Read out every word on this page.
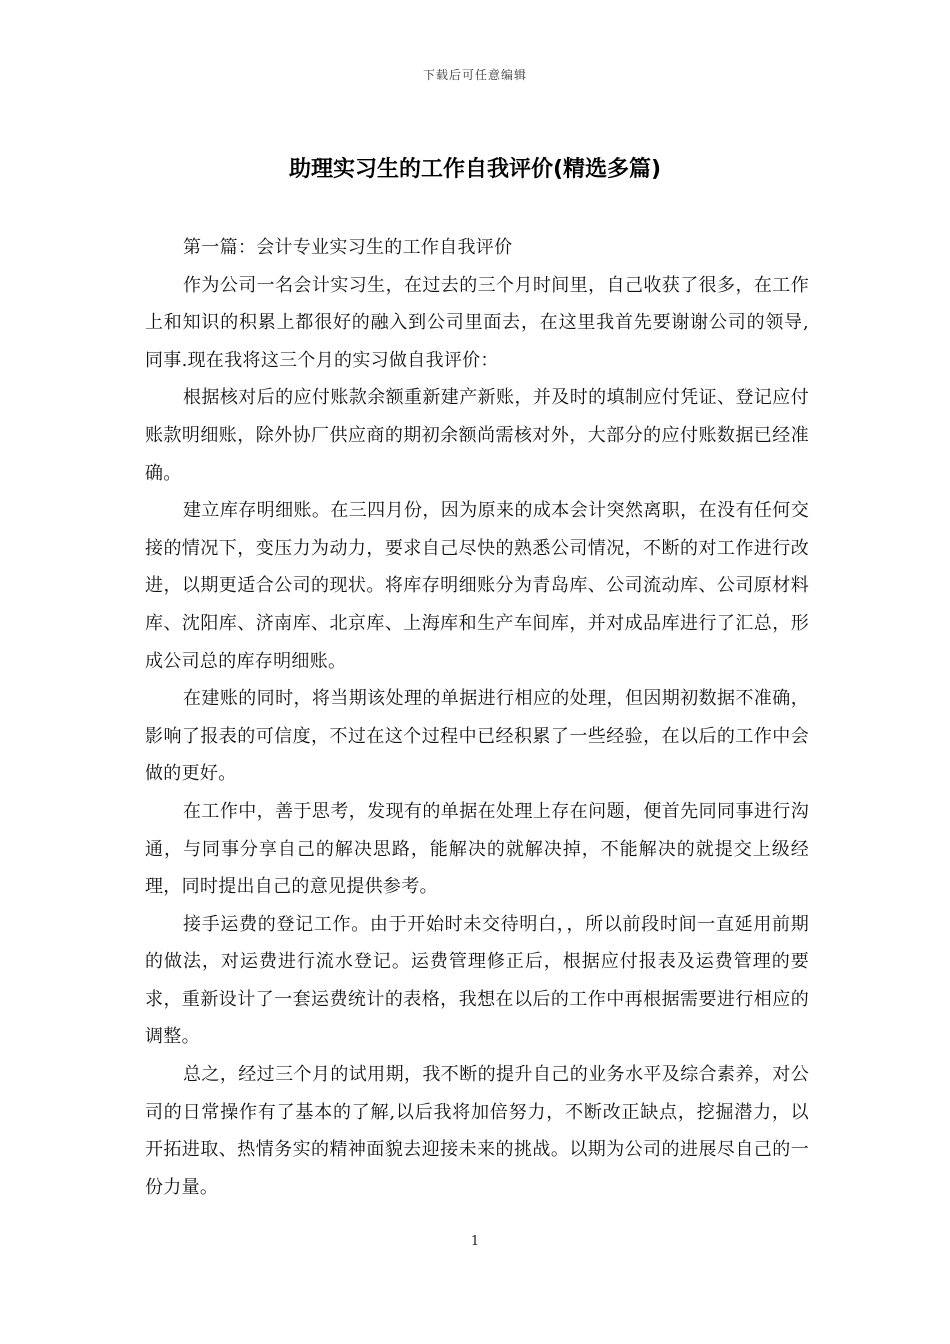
下载后可任意编辑
助理实习生的工作自我评价(精选多篇)

第一篇：会计专业实习生的工作自我评价

作为公司一名会计实习生，在过去的三个月时间里，自己收获了很多，在工作上和知识的积累上都很好的融入到公司里面去，在这里我首先要谢谢公司的领导,同事.现在我将这三个月的实习做自我评价：

根据核对后的应付账款余额重新建产新账，并及时的填制应付凭证、登记应付账款明细账，除外协厂供应商的期初余额尚需核对外，大部分的应付账数据已经准确。

建立库存明细账。在三四月份，因为原来的成本会计突然离职，在没有任何交接的情况下，变压力为动力，要求自己尽快的熟悉公司情况，不断的对工作进行改进，以期更适合公司的现状。将库存明细账分为青岛库、公司流动库、公司原材料库、沈阳库、济南库、北京库、上海库和生产车间库，并对成品库进行了汇总，形成公司总的库存明细账。

在建账的同时，将当期该处理的单据进行相应的处理，但因期初数据不准确，影响了报表的可信度，不过在这个过程中已经积累了一些经验，在以后的工作中会做的更好。

在工作中，善于思考，发现有的单据在处理上存在问题，便首先同同事进行沟通，与同事分享自己的解决思路，能解决的就解决掉，不能解决的就提交上级经理，同时提出自己的意见提供参考。

接手运费的登记工作。由于开始时未交待明白，，所以前段时间一直延用前期的做法，对运费进行流水登记。运费管理修正后，根据应付报表及运费管理的要求，重新设计了一套运费统计的表格，我想在以后的工作中再根据需要进行相应的调整。

总之，经过三个月的试用期，我不断的提升自己的业务水平及综合素养，对公司的日常操作有了基本的了解,以后我将加倍努力，不断改正缺点，挖掘潜力，以开拓进取、热情务实的精神面貌去迎接未来的挑战。以期为公司的进展尽自己的一份力量。

1
